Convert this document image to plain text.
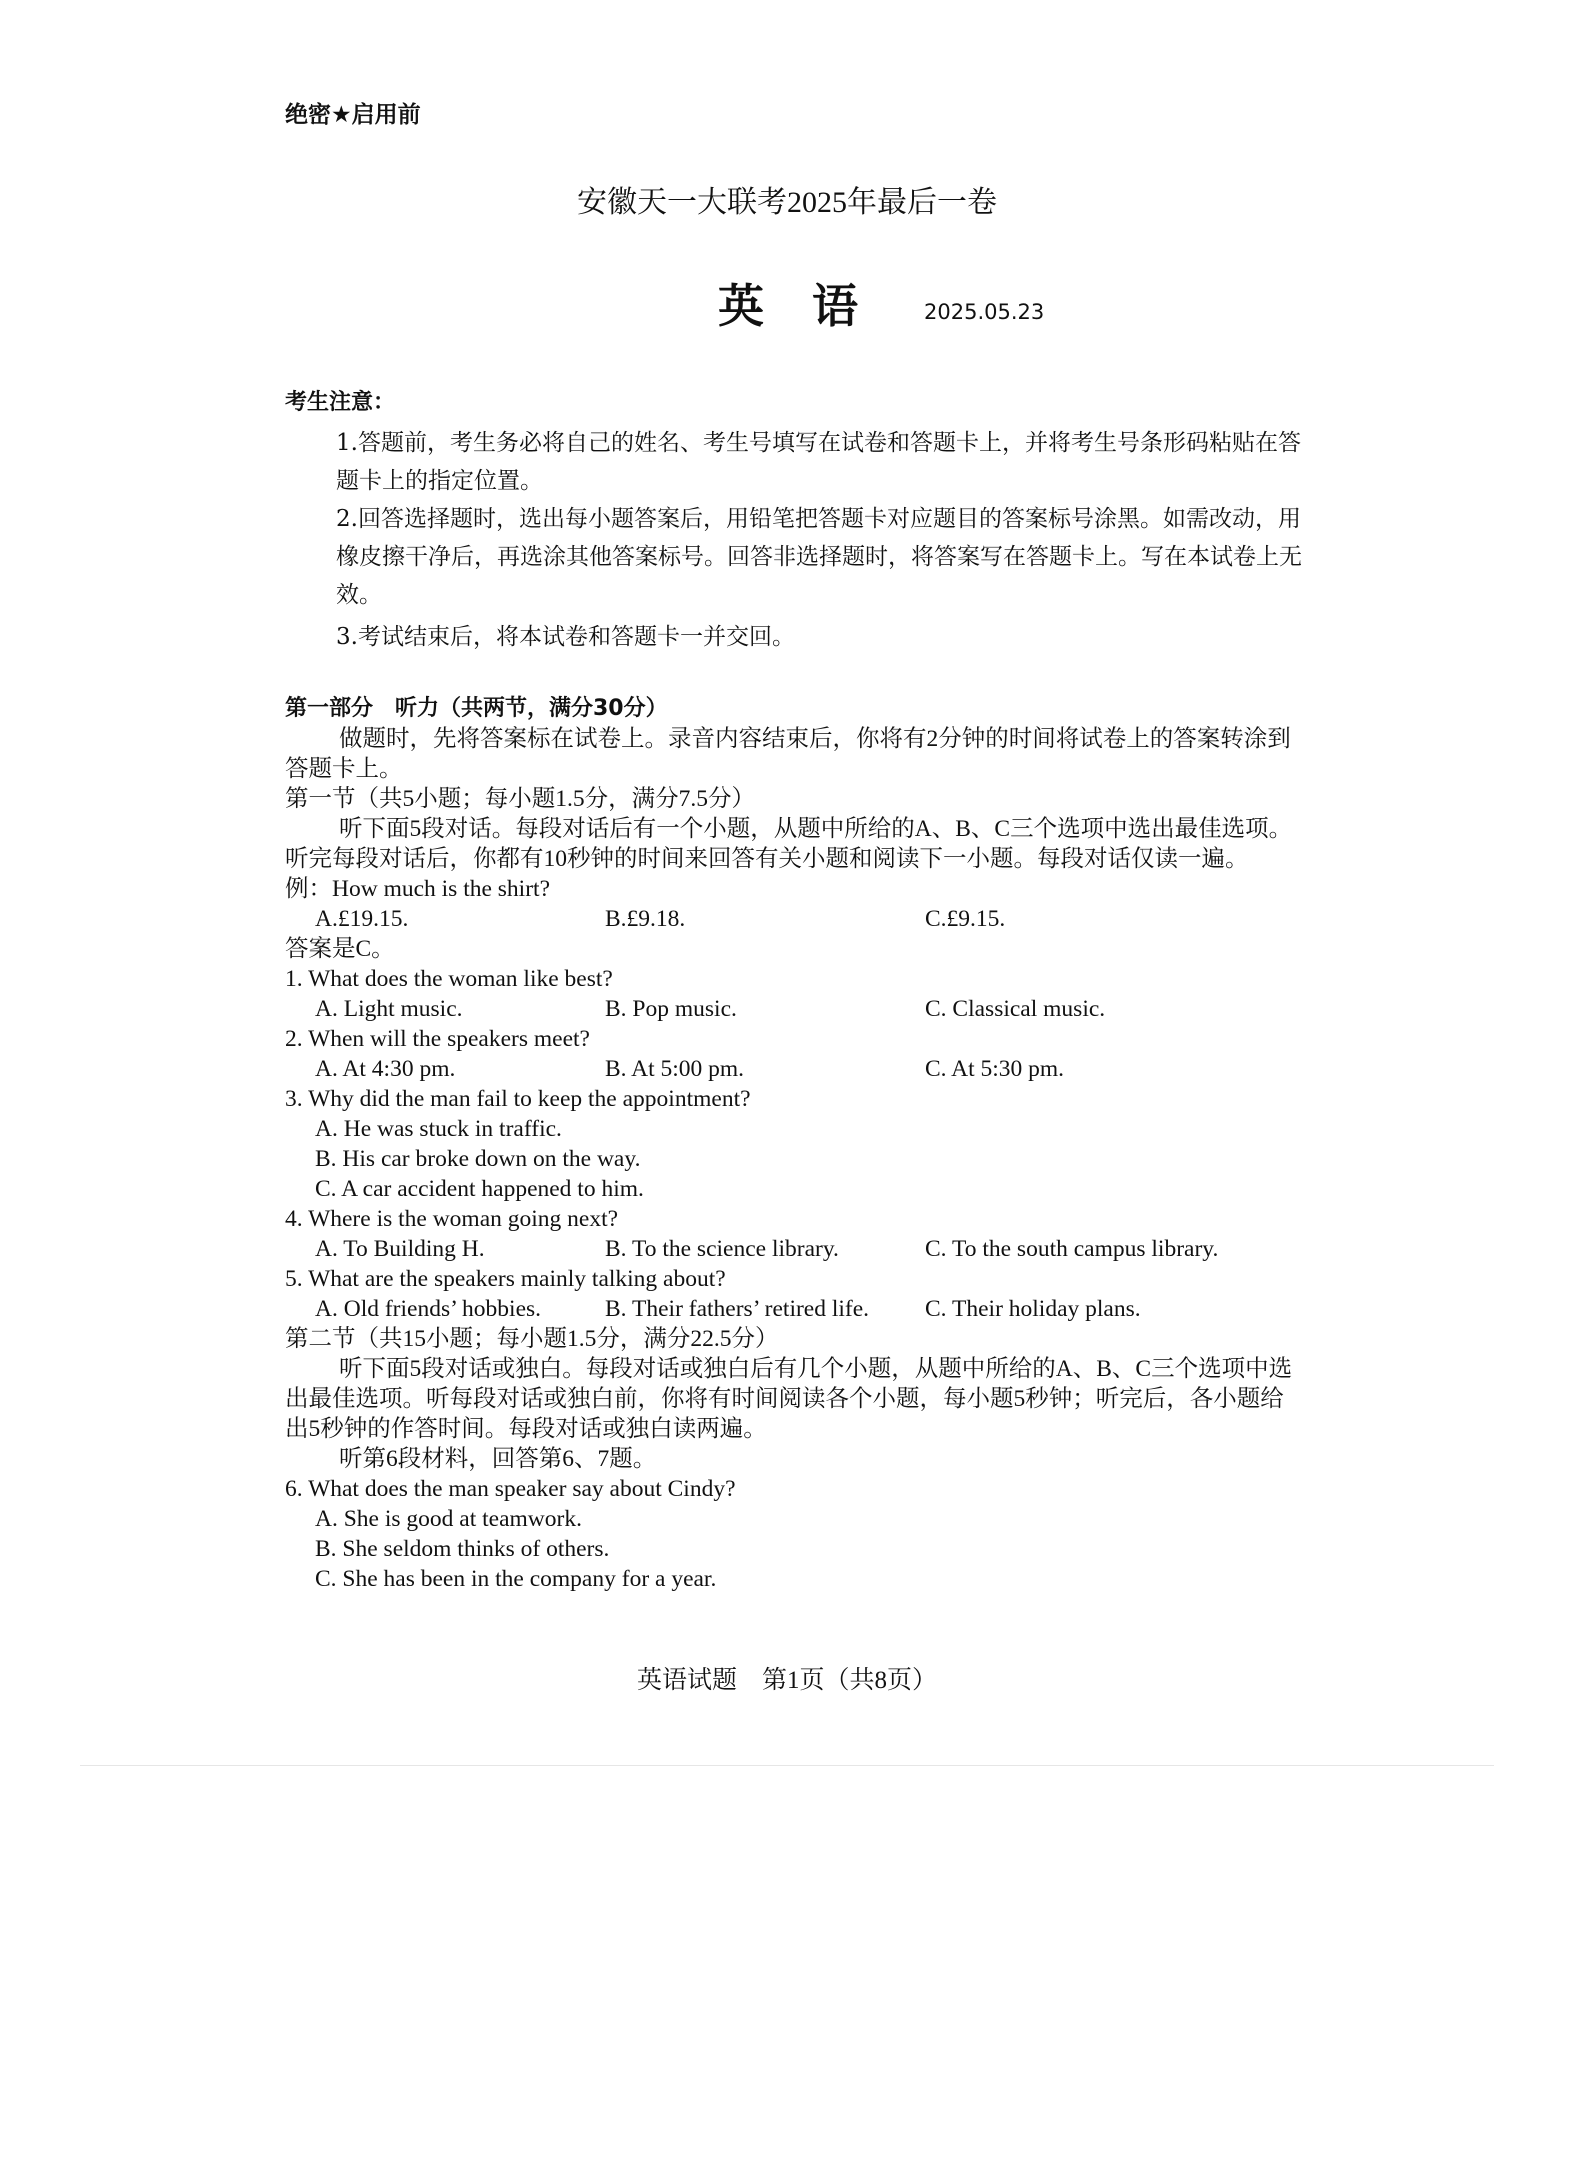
绝密★启用前
安徽天一大联考2025年最后一卷
英语 2025.05.23
考生注意：
1.答题前，考生务必将自己的姓名、考生号填写在试卷和答题卡上，并将考生号条形码粘贴在答题卡上的指定位置。
2.回答选择题时，选出每小题答案后，用铅笔把答题卡对应题目的答案标号涂黑。如需改动，用橡皮擦干净后，再选涂其他答案标号。回答非选择题时，将答案写在答题卡上。写在本试卷上无效。
3.考试结束后，将本试卷和答题卡一并交回。
第一部分　听力（共两节，满分30分）
做题时，先将答案标在试卷上。录音内容结束后，你将有2分钟的时间将试卷上的答案转涂到答题卡上。
第一节（共5小题；每小题1.5分，满分7.5分）
听下面5段对话。每段对话后有一个小题，从题中所给的A、B、C三个选项中选出最佳选项。听完每段对话后，你都有10秒钟的时间来回答有关小题和阅读下一小题。每段对话仅读一遍。
例：How much is the shirt?
A.£19.15.	B.£9.18.	C.£9.15.
答案是C。
1. What does the woman like best?
A. Light music.	B. Pop music.	C. Classical music.
2. When will the speakers meet?
A. At 4:30 pm.	B. At 5:00 pm.	C. At 5:30 pm.
3. Why did the man fail to keep the appointment?
A. He was stuck in traffic.
B. His car broke down on the way.
C. A car accident happened to him.
4. Where is the woman going next?
A. To Building H.	B. To the science library.	C. To the south campus library.
5. What are the speakers mainly talking about?
A. Old friends’ hobbies.	B. Their fathers’ retired life.	C. Their holiday plans.
第二节（共15小题；每小题1.5分，满分22.5分）
听下面5段对话或独白。每段对话或独白后有几个小题，从题中所给的A、B、C三个选项中选出最佳选项。听每段对话或独白前，你将有时间阅读各个小题，每小题5秒钟；听完后，各小题给出5秒钟的作答时间。每段对话或独白读两遍。
听第6段材料，回答第6、7题。
6. What does the man speaker say about Cindy?
A. She is good at teamwork.
B. She seldom thinks of others.
C. She has been in the company for a year.
英语试题　第1页（共8页）
